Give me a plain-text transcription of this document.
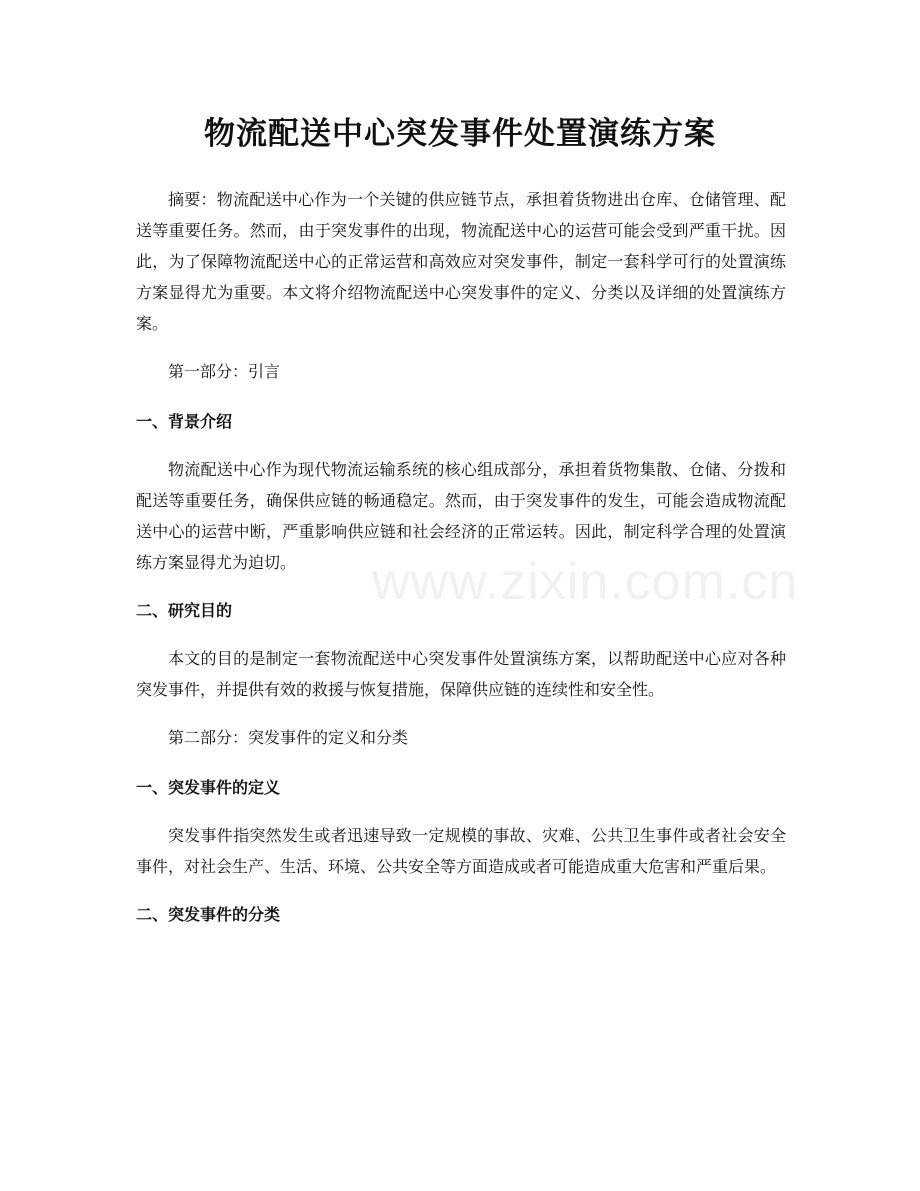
物流配送中心突发事件处置演练方案

摘要：物流配送中心作为一个关键的供应链节点，承担着货物进出仓库、仓储管理、配送等重要任务。然而，由于突发事件的出现，物流配送中心的运营可能会受到严重干扰。因此，为了保障物流配送中心的正常运营和高效应对突发事件，制定一套科学可行的处置演练方案显得尤为重要。本文将介绍物流配送中心突发事件的定义、分类以及详细的处置演练方案。

第一部分：引言

一、背景介绍

物流配送中心作为现代物流运输系统的核心组成部分，承担着货物集散、仓储、分拨和配送等重要任务，确保供应链的畅通稳定。然而，由于突发事件的发生，可能会造成物流配送中心的运营中断，严重影响供应链和社会经济的正常运转。因此，制定科学合理的处置演练方案显得尤为迫切。

二、研究目的

本文的目的是制定一套物流配送中心突发事件处置演练方案，以帮助配送中心应对各种突发事件，并提供有效的救援与恢复措施，保障供应链的连续性和安全性。

第二部分：突发事件的定义和分类

一、突发事件的定义

突发事件指突然发生或者迅速导致一定规模的事故、灾难、公共卫生事件或者社会安全事件，对社会生产、生活、环境、公共安全等方面造成或者可能造成重大危害和严重后果。

二、突发事件的分类
www.zixin.com.cn
